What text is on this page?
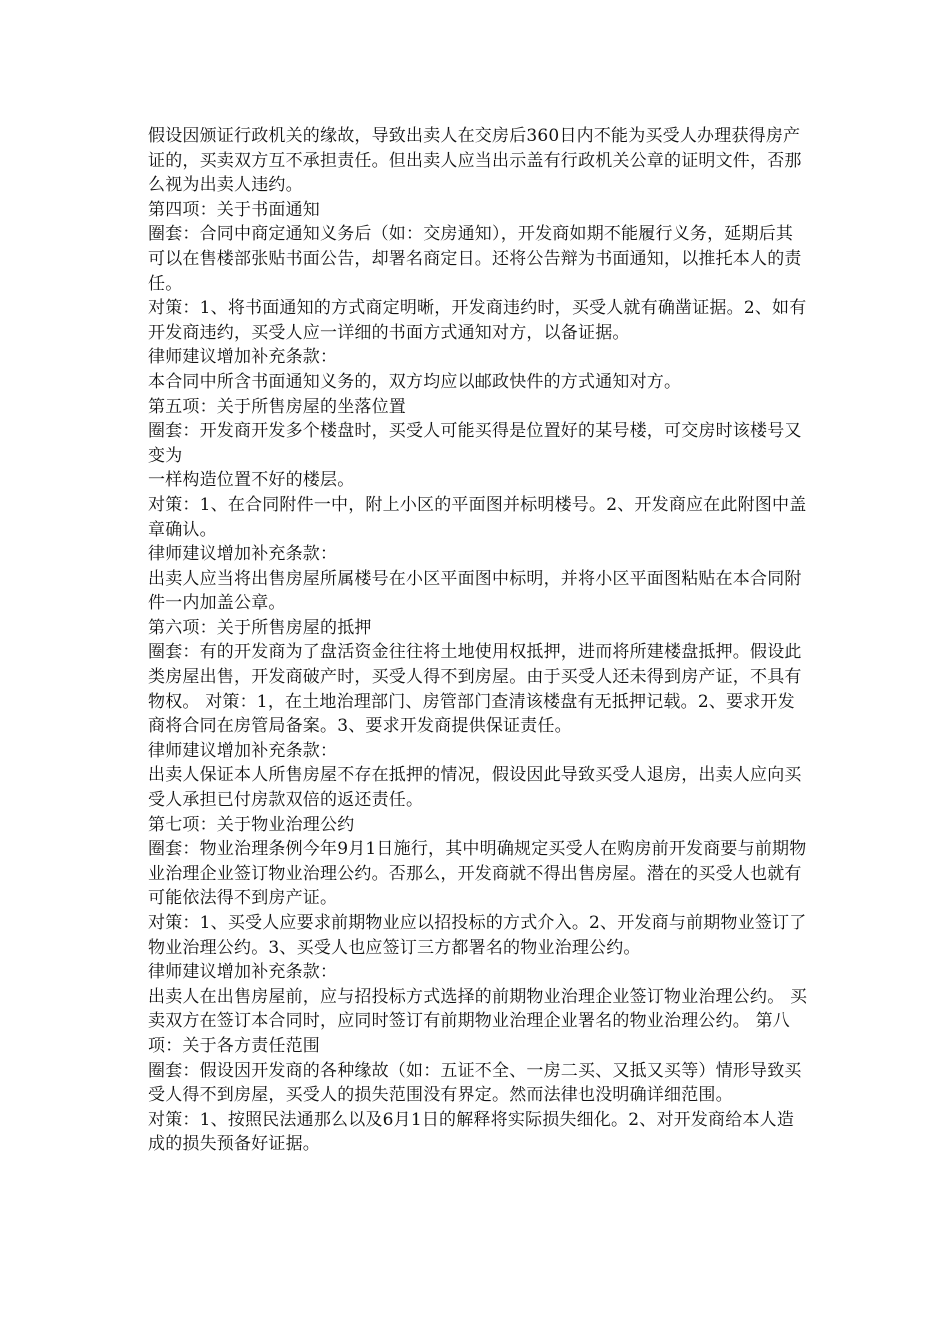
假设因颁证行政机关的缘故，导致出卖人在交房后360日内不能为买受人办理获得房产证的，买卖双方互不承担责任。但出卖人应当出示盖有行政机关公章的证明文件，否那么视为出卖人违约。

第四项：关于书面通知

圈套：合同中商定通知义务后（如：交房通知），开发商如期不能履行义务，延期后其可以在售楼部张贴书面公告，却署名商定日。还将公告辩为书面通知，以推托本人的责任。

对策：1、将书面通知的方式商定明晰，开发商违约时，买受人就有确凿证据。2、如有开发商违约，买受人应一详细的书面方式通知对方，以备证据。

律师建议增加补充条款：

本合同中所含书面通知义务的，双方均应以邮政快件的方式通知对方。

第五项：关于所售房屋的坐落位置

圈套：开发商开发多个楼盘时，买受人可能买得是位置好的某号楼，可交房时该楼号又变为

一样构造位置不好的楼层。

对策：1、在合同附件一中，附上小区的平面图并标明楼号。2、开发商应在此附图中盖章确认。

律师建议增加补充条款：

出卖人应当将出售房屋所属楼号在小区平面图中标明，并将小区平面图粘贴在本合同附件一内加盖公章。

第六项：关于所售房屋的抵押

圈套：有的开发商为了盘活资金往往将土地使用权抵押，进而将所建楼盘抵押。假设此类房屋出售，开发商破产时，买受人得不到房屋。由于买受人还未得到房产证，不具有物权。 对策：1，在土地治理部门、房管部门查清该楼盘有无抵押记载。2、要求开发商将合同在房管局备案。3、要求开发商提供保证责任。

律师建议增加补充条款：

出卖人保证本人所售房屋不存在抵押的情况，假设因此导致买受人退房，出卖人应向买受人承担已付房款双倍的返还责任。

第七项：关于物业治理公约

圈套：物业治理条例今年9月1日施行，其中明确规定买受人在购房前开发商要与前期物业治理企业签订物业治理公约。否那么，开发商就不得出售房屋。潜在的买受人也就有可能依法得不到房产证。

对策：1、买受人应要求前期物业应以招投标的方式介入。2、开发商与前期物业签订了物业治理公约。3、买受人也应签订三方都署名的物业治理公约。

律师建议增加补充条款：

出卖人在出售房屋前，应与招投标方式选择的前期物业治理企业签订物业治理公约。 买卖双方在签订本合同时，应同时签订有前期物业治理企业署名的物业治理公约。 第八项：关于各方责任范围

圈套：假设因开发商的各种缘故（如：五证不全、一房二买、又抵又买等）情形导致买受人得不到房屋，买受人的损失范围没有界定。然而法律也没明确详细范围。

对策：1、按照民法通那么以及6月1日的解释将实际损失细化。2、对开发商给本人造成的损失预备好证据。
